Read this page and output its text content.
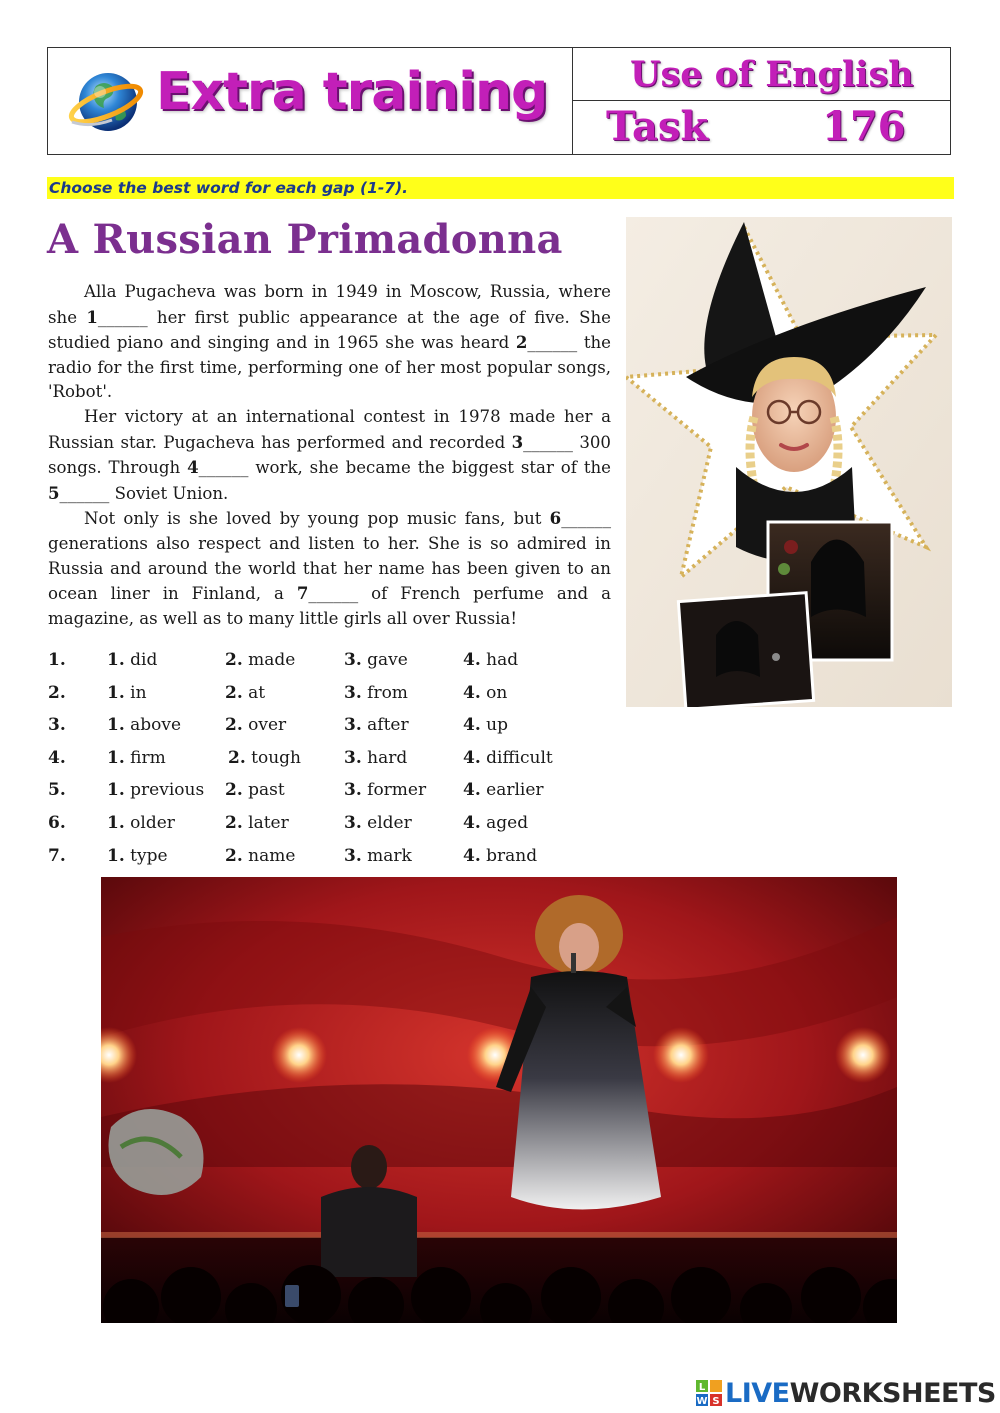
Extra training Use of English
Task	176
Choose the best word for each gap (1-7).
A Russian Primadonna

Alla Pugacheva was born in 1949 in Moscow, Russia, where she 1______ her first public appearance at the age of five. She studied piano and singing and in 1965 she was heard 2______ the radio for the first time, performing one of her most popular songs, 'Robot'.

Her victory at an international contest in 1978 made her a Russian star. Pugacheva has performed and recorded 3______ 300 songs. Through 4______ work, she became the biggest star of the 5______ Soviet Union.

Not only is she loved by young pop music fans, but 6______ generations also respect and listen to her. She is so admired in Russia and around the world that her name has been given to an ocean liner in Finland, a 7______ of French perfume and a magazine, as well as to many little girls all over Russia!

1. 1. did	2. made	3. gave	4. had
2. 1. in	2. at	3. from	4. on
3. 1. above	2. over	3. after	4. up
4. 1. firm	2. tough	3. hard	4. difficult
5. 1. previous 2. past	3. former 4. earlier
6. 1. older	2. later	3. elder	4. aged
7. 1. type	2. name	3. mark	4. brand
L
W S LIVEWORKSHEETS
